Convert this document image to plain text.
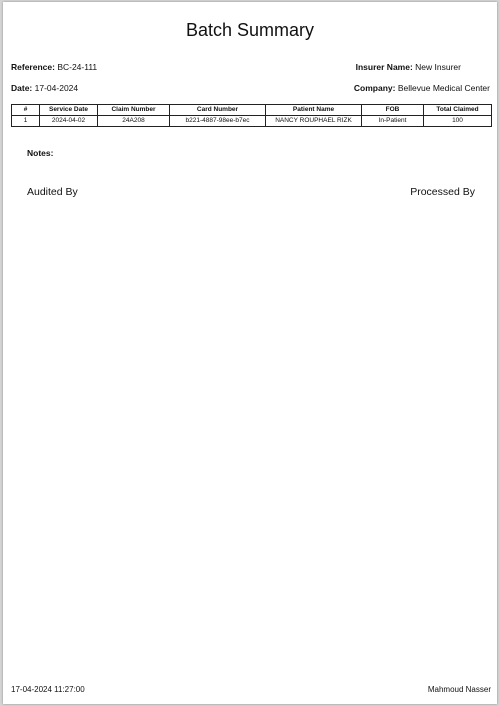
Batch Summary
Reference: BC-24-111
Date: 17-04-2024
Insurer Name: New Insurer
Company: Bellevue Medical Center
#	Service Date	Claim Number	Card Number	Patient Name	FOB	Total Claimed
1	2024-04-02	24A208	b221-4887-98ee-b7ec	NANCY ROUPHAEL RIZK	In-Patient	100
Notes:
Audited By	Processed By
17-04-2024 11:27:00	Mahmoud Nasser
